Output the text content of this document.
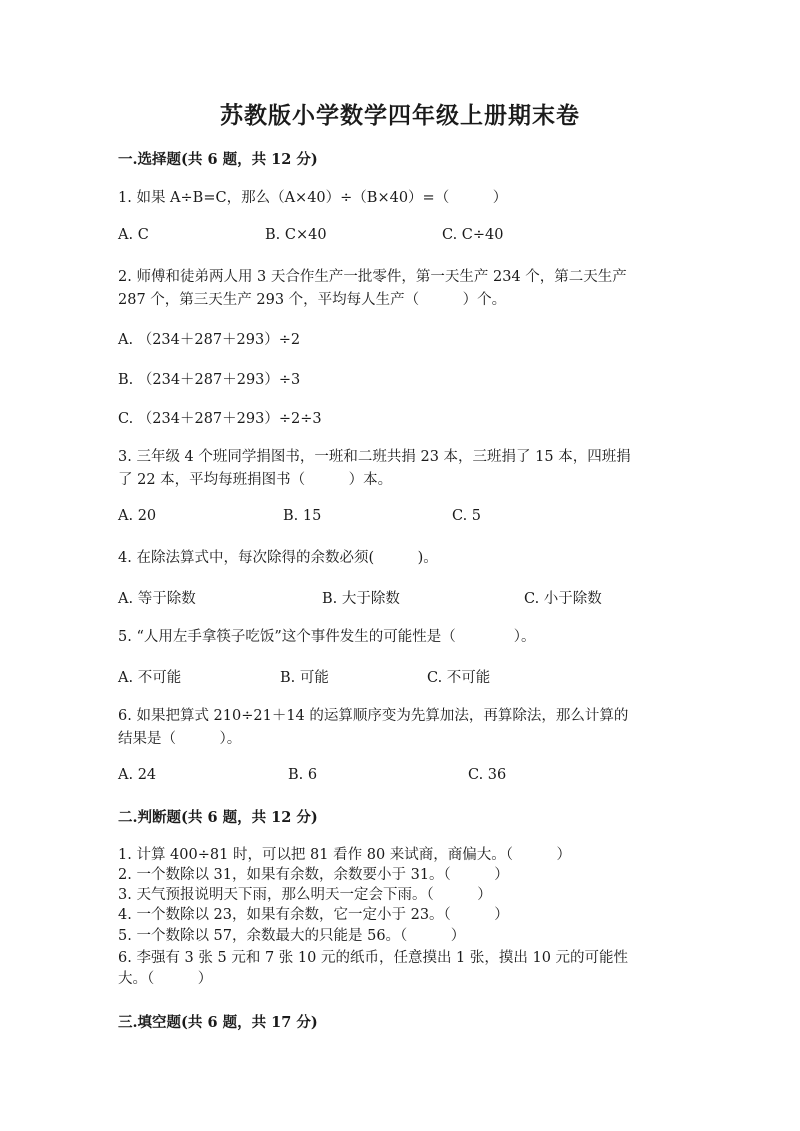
苏教版小学数学四年级上册期末卷
一.选择题(共 6 题，共 12 分)
1. 如果 A÷B=C，那么（A×40）÷（B×40）=（　　　）
A. C	B. C×40	C. C÷40
2. 师傅和徒弟两人用 3 天合作生产一批零件，第一天生产 234 个，第二天生产
287 个，第三天生产 293 个，平均每人生产（　　　）个。
A. （234＋287＋293）÷2
B. （234＋287＋293）÷3
C. （234＋287＋293）÷2÷3
3. 三年级 4 个班同学捐图书，一班和二班共捐 23 本，三班捐了 15 本，四班捐
了 22 本，平均每班捐图书（　　　）本。
A. 20	B. 15	C. 5
4. 在除法算式中，每次除得的余数必须(　　　)。
A. 等于除数	B. 大于除数	C. 小于除数
5. “人用左手拿筷子吃饭”这个事件发生的可能性是（　　　　）。
A. 不可能	B. 可能	C. 不可能
6. 如果把算式 210÷21＋14 的运算顺序变为先算加法，再算除法，那么计算的
结果是（　　　）。
A. 24	B. 6	C. 36
二.判断题(共 6 题，共 12 分)
1. 计算 400÷81 时，可以把 81 看作 80 来试商，商偏大。（　　　）
2. 一个数除以 31，如果有余数，余数要小于 31。（　　　）
3. 天气预报说明天下雨，那么明天一定会下雨。（　　　）
4. 一个数除以 23，如果有余数，它一定小于 23。（　　　）
5. 一个数除以 57，余数最大的只能是 56。（　　　）
6. 李强有 3 张 5 元和 7 张 10 元的纸币，任意摸出 1 张，摸出 10 元的可能性
大。（　　　）
三.填空题(共 6 题，共 17 分)
